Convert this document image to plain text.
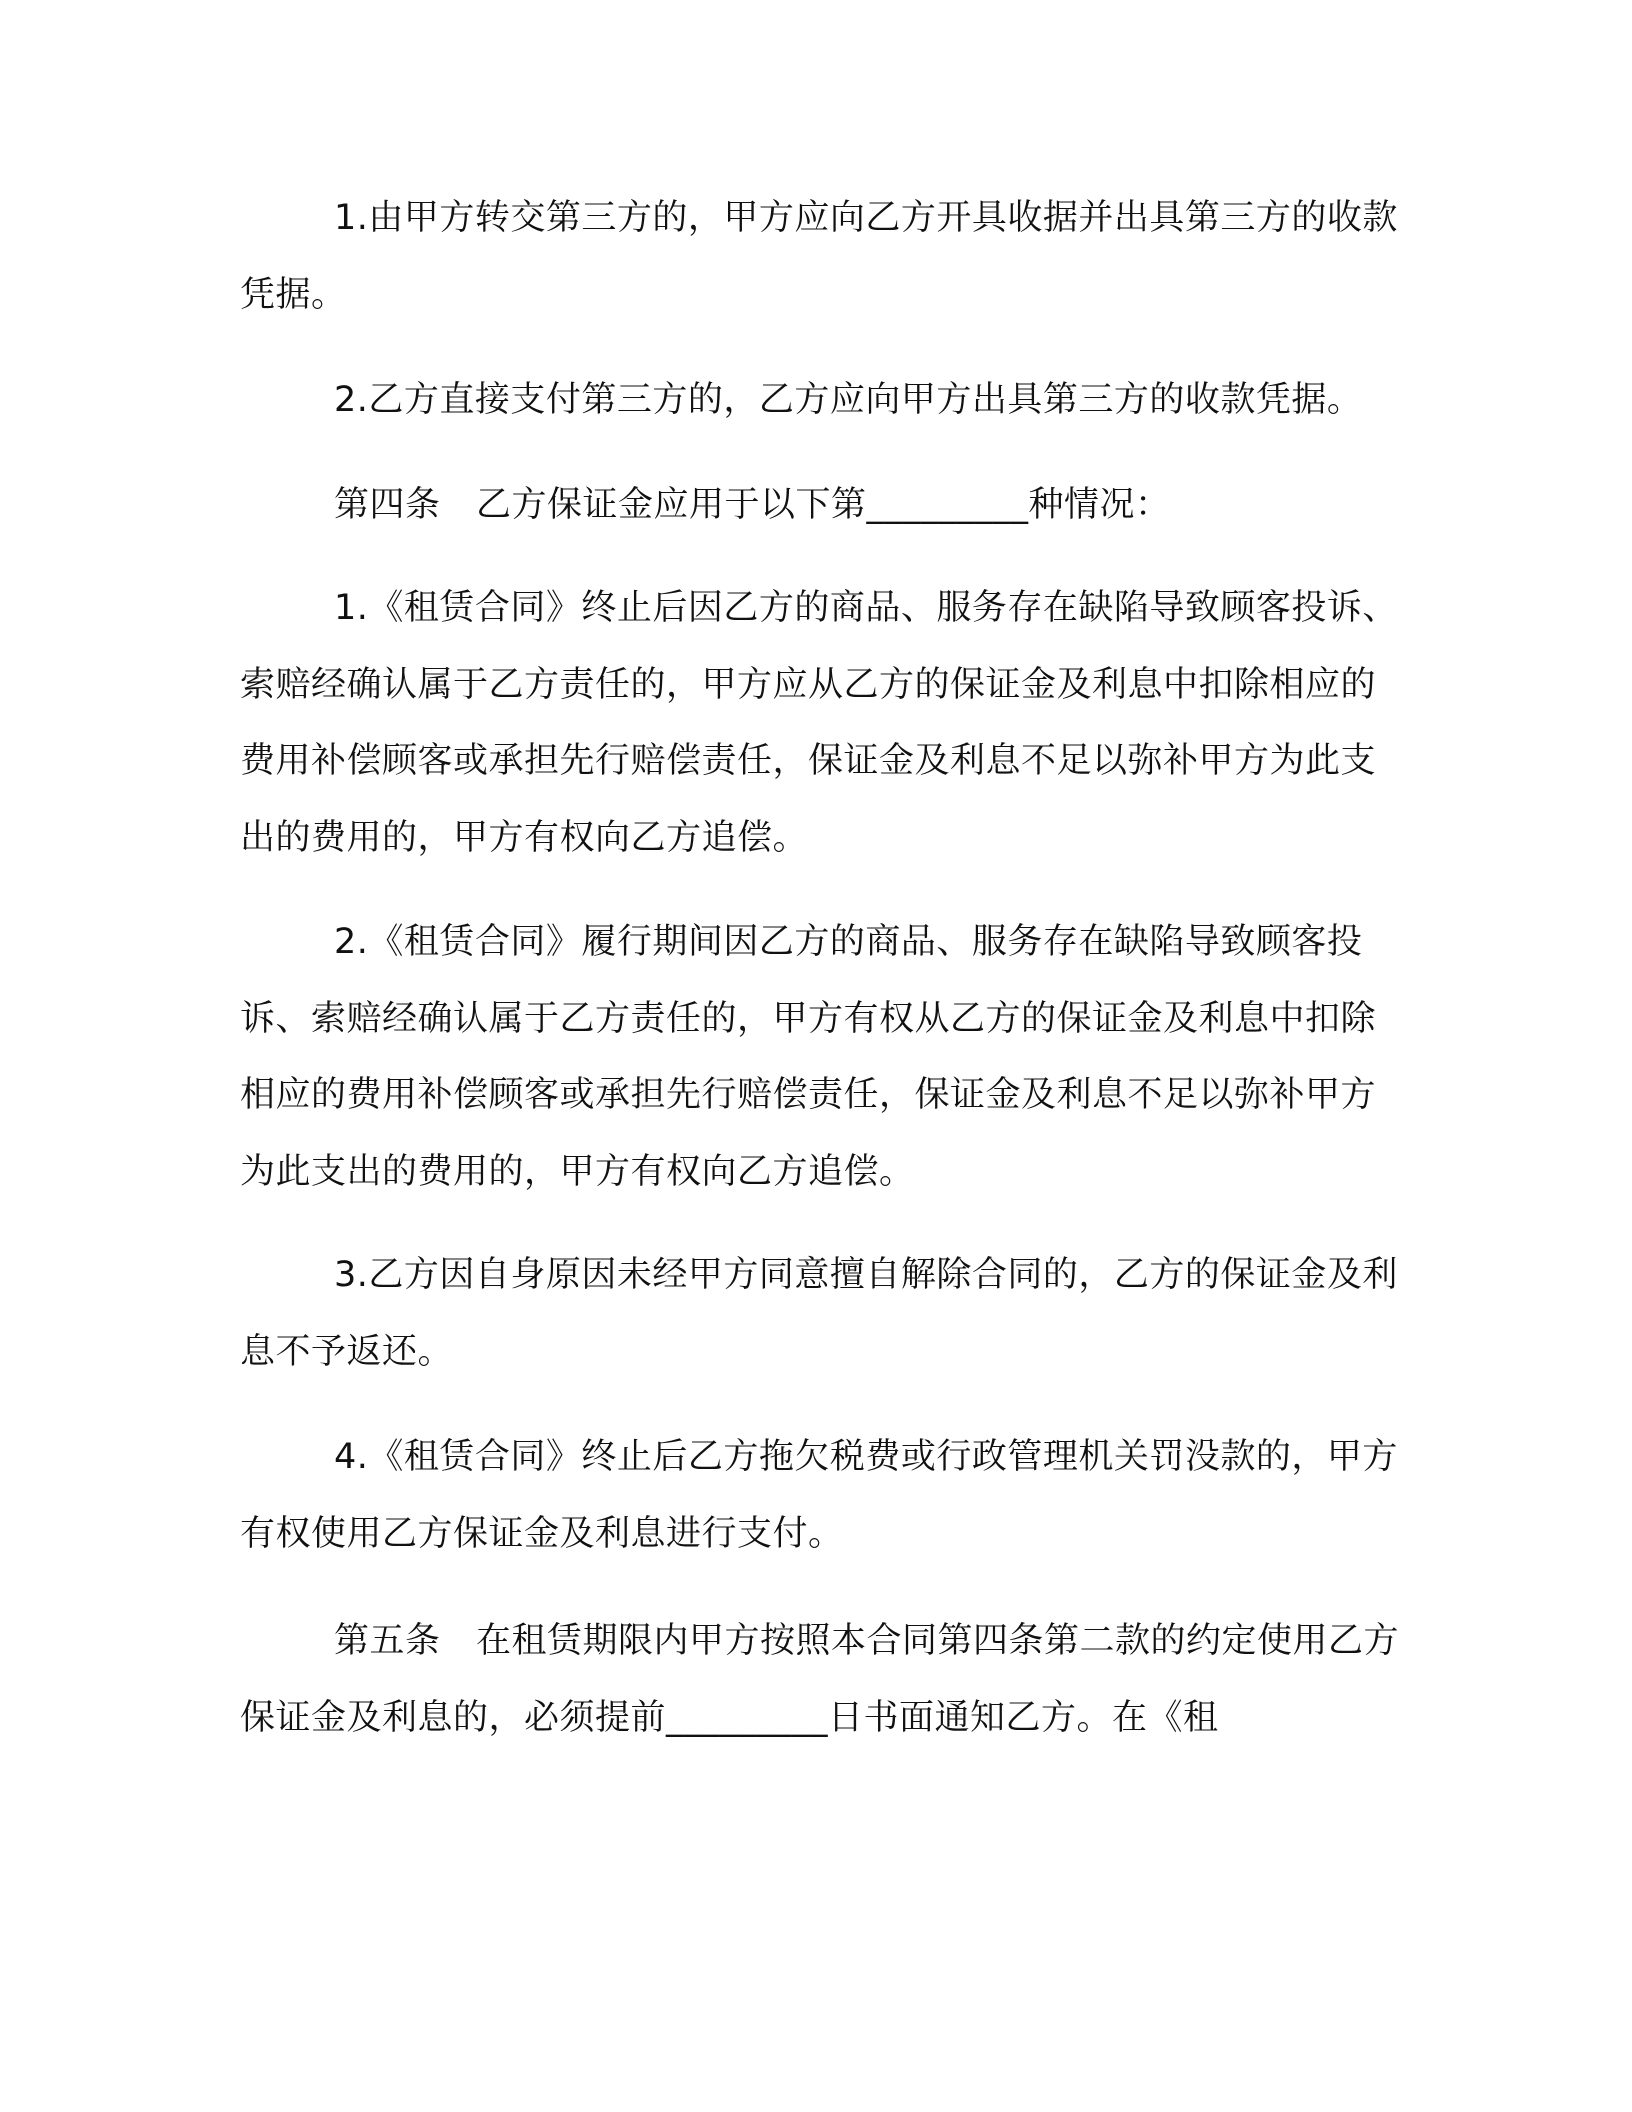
1.由甲方转交第三方的，甲方应向乙方开具收据并出具第三方的收款凭据。

2.乙方直接支付第三方的，乙方应向甲方出具第三方的收款凭据。

第四条　乙方保证金应用于以下第_________种情况：

1.《租赁合同》终止后因乙方的商品、服务存在缺陷导致顾客投诉、索赔经确认属于乙方责任的，甲方应从乙方的保证金及利息中扣除相应的费用补偿顾客或承担先行赔偿责任，保证金及利息不足以弥补甲方为此支出的费用的，甲方有权向乙方追偿。

2.《租赁合同》履行期间因乙方的商品、服务存在缺陷导致顾客投诉、索赔经确认属于乙方责任的，甲方有权从乙方的保证金及利息中扣除相应的费用补偿顾客或承担先行赔偿责任，保证金及利息不足以弥补甲方为此支出的费用的，甲方有权向乙方追偿。

3.乙方因自身原因未经甲方同意擅自解除合同的，乙方的保证金及利息不予返还。

4.《租赁合同》终止后乙方拖欠税费或行政管理机关罚没款的，甲方有权使用乙方保证金及利息进行支付。

第五条　在租赁期限内甲方按照本合同第四条第二款的约定使用乙方保证金及利息的，必须提前_________日书面通知乙方。在《租
